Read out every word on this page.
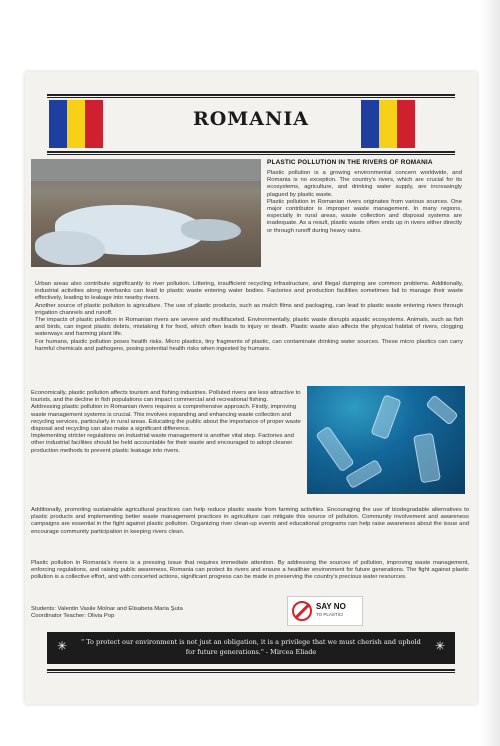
ROMANIA
PLASTIC POLLUTION IN THE RIVERS OF ROMANIA

Plastic pollution is a growing environmental concern worldwide, and Romania is no exception. The country's rivers, which are crucial for its ecosystems, agriculture, and drinking water supply, are increasingly plagued by plastic waste.

Plastic pollution in Romanian rivers originates from various sources. One major contributor is improper waste management. In many regions, especially in rural areas, waste collection and disposal systems are inadequate. As a result, plastic waste often ends up in rivers either directly or through runoff during heavy rains.

Urban areas also contribute significantly to river pollution. Littering, insufficient recycling infrastructure, and illegal dumping are common problems. Additionally, industrial activities along riverbanks can lead to plastic waste entering water bodies. Factories and production facilities sometimes fail to manage their waste effectively, leading to leakage into nearby rivers.

Another source of plastic pollution is agriculture. The use of plastic products, such as mulch films and packaging, can lead to plastic waste entering rivers through irrigation channels and runoff.

The impacts of plastic pollution in Romanian rivers are severe and multifaceted. Environmentally, plastic waste disrupts aquatic ecosystems. Animals, such as fish and birds, can ingest plastic debris, mistaking it for food, which often leads to injury or death. Plastic waste also affects the physical habitat of rivers, clogging waterways and harming plant life.

For humans, plastic pollution poses health risks. Micro plastics, tiny fragments of plastic, can contaminate drinking water sources. These micro plastics can carry harmful chemicals and pathogens, posing potential health risks when ingested by humans.

Economically, plastic pollution affects tourism and fishing industries. Polluted rivers are less attractive to tourists, and the decline in fish populations can impact commercial and recreational fishing.

Addressing plastic pollution in Romanian rivers requires a comprehensive approach. Firstly, improving waste management systems is crucial. This involves expanding and enhancing waste collection and recycling services, particularly in rural areas. Educating the public about the importance of proper waste disposal and recycling can also make a significant difference.

Implementing stricter regulations on industrial waste management is another vital step. Factories and other industrial facilities should be held accountable for their waste and encouraged to adopt cleaner production methods to prevent plastic leakage into rivers.

Additionally, promoting sustainable agricultural practices can help reduce plastic waste from farming activities. Encouraging the use of biodegradable alternatives to plastic products and implementing better waste management practices in agriculture can mitigate this source of pollution. Community involvement and awareness campaigns are essential in the fight against plastic pollution. Organizing river clean-up events and educational programs can help raise awareness about the issue and encourage community participation in keeping rivers clean.
Plastic pollution in Romania's rivers is a pressing issue that requires immediate attention. By addressing the sources of pollution, improving waste management, enforcing regulations, and raising public awareness, Romania can protect its rivers and ensure a healthier environment for future generations. The fight against plastic pollution is a collective effort, and with concerted actions, significant progress can be made in preserving the country's precious water resources.
Students: Valentin Vasile Molnar and Elisabeta Maria Şuta
Coordinator Teacher: Olivia Pop
SAY NO
TO PLASTIC!
✳ " To protect our environment is not just an obligation, it is a privilege that we must cherish and uphold for future generations." - Mircea Eliade	✳
